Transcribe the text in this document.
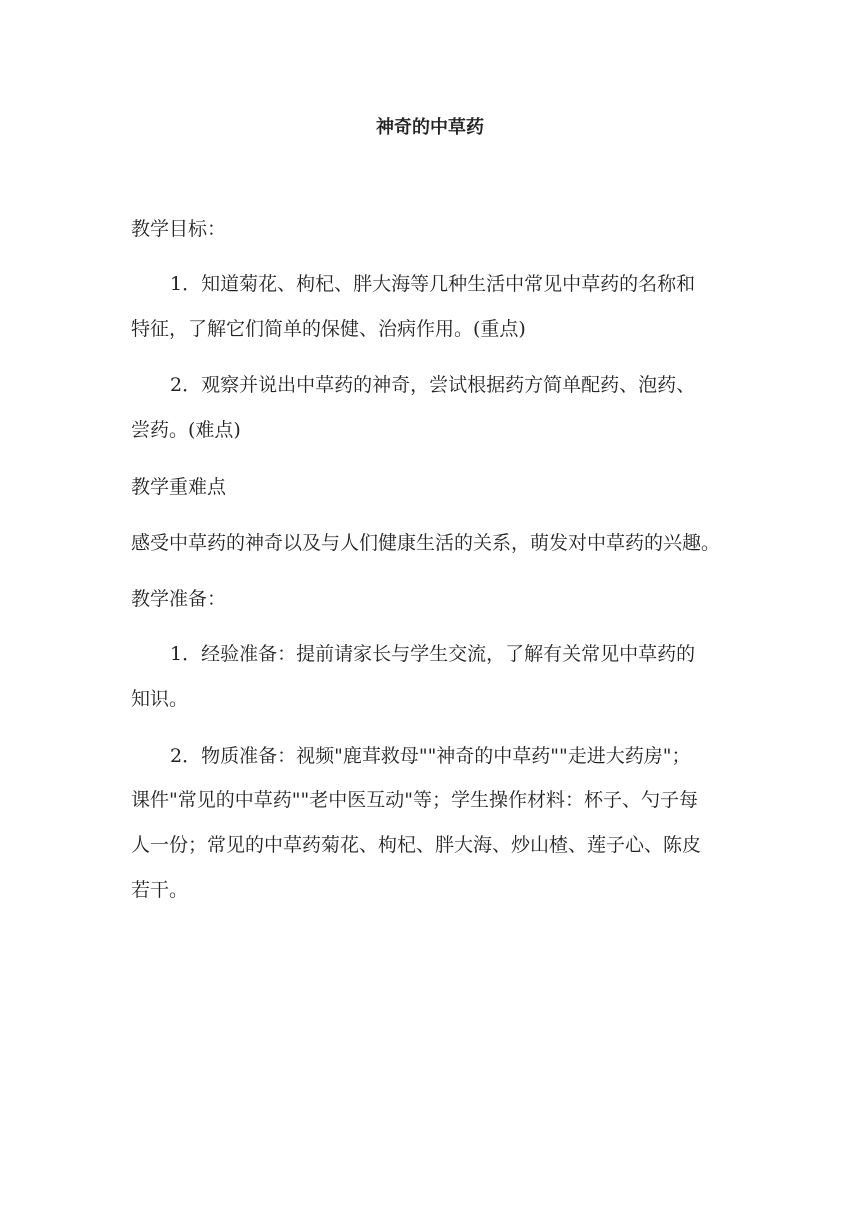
神奇的中草药
教学目标：
1．知道菊花、枸杞、胖大海等几种生活中常见中草药的名称和
特征，了解它们简单的保健、治病作用。(重点)
2．观察并说出中草药的神奇，尝试根据药方简单配药、泡药、
尝药。(难点)
教学重难点
感受中草药的神奇以及与人们健康生活的关系，萌发对中草药的兴趣。
教学准备：
1．经验准备：提前请家长与学生交流，了解有关常见中草药的
知识。
2．物质准备：视频"鹿茸救母""神奇的中草药""走进大药房"；
课件"常见的中草药""老中医互动"等；学生操作材料：杯子、勺子每
人一份；常见的中草药菊花、枸杞、胖大海、炒山楂、莲子心、陈皮
若干。
